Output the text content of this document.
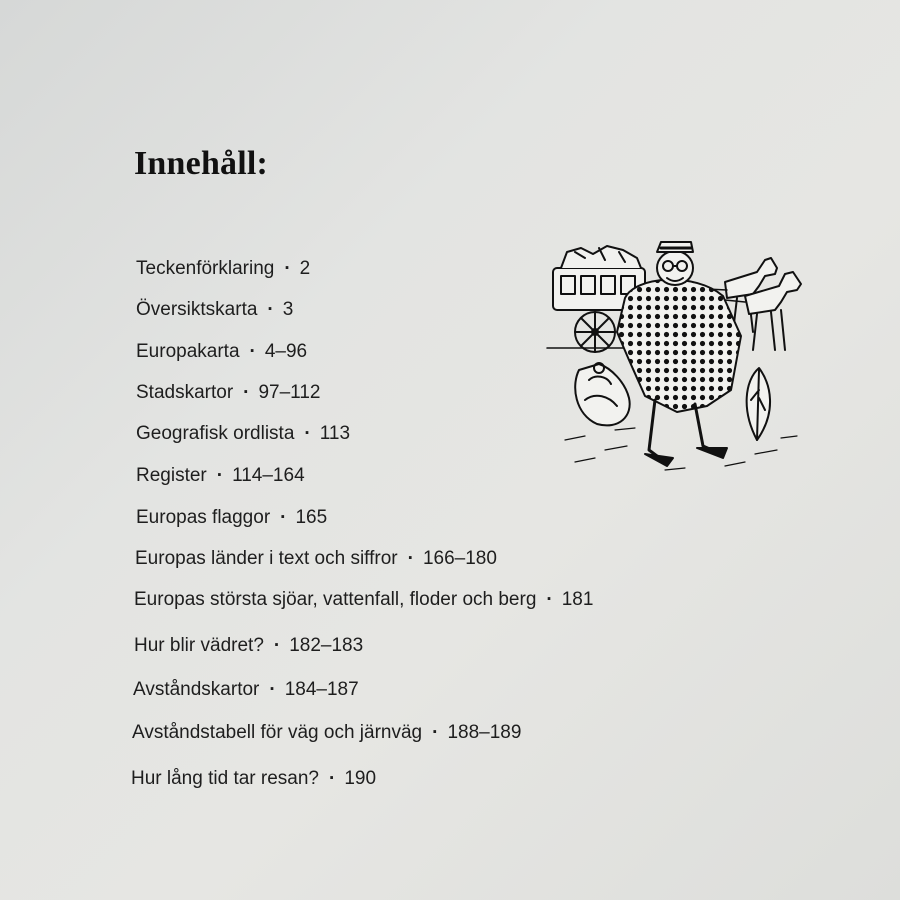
Innehåll:
Teckenförklaring · 2
Översiktskarta · 3
Europakarta · 4–96
Stadskartor · 97–112
Geografisk ordlista · 113
Register · 114–164
Europas flaggor · 165
Europas länder i text och siffror · 166–180
Europas största sjöar, vattenfall, floder och berg · 181
Hur blir vädret? · 182–183
Avståndskartor · 184–187
Avståndstabell för väg och järnväg · 188–189
Hur lång tid tar resan? · 190
